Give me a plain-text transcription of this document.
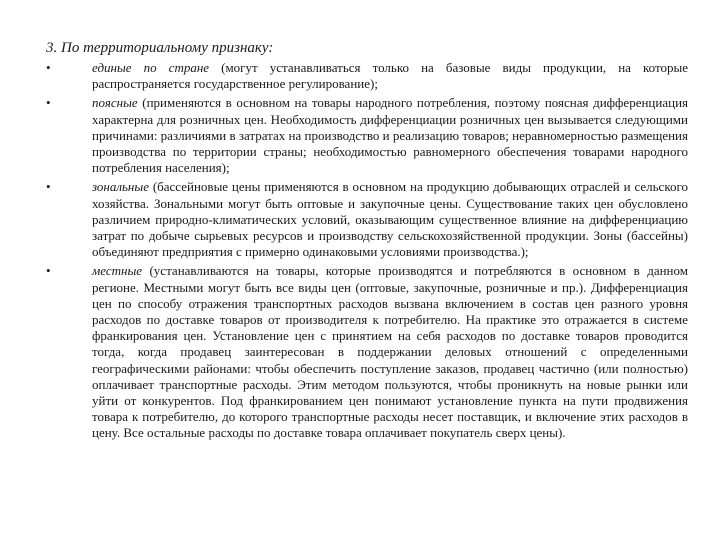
3. По территориальному признаку:

•	единые по стране (могут устанавливаться только на базовые виды продукции, на которые распространяется государственное регулирование);
•	поясные (применяются в основном на товары народного потребления, поэтому поясная дифференциация характерна для розничных цен. Необходимость дифференциации розничных цен вызывается следующими причинами: различиями в затратах на производство и реализацию товаров; неравномерностью размещения производства по территории страны; необходимостью равномерного обеспечения товарами народного потребления населения);
•	зональные (бассейновые цены применяются в основном на продукцию добывающих отраслей и сельского хозяйства. Зональными могут быть оптовые и закупочные цены. Существование таких цен обусловлено различием природно-климатических условий, оказывающим существенное влияние на дифференциацию затрат по добыче сырьевых ресурсов и производству сельскохозяйственной продукции. Зоны (бассейны) объединяют предприятия с примерно одинаковыми условиями производства.);
•	местные (устанавливаются на товары, которые производятся и потребляются в основном в данном регионе. Местными могут быть все виды цен (оптовые, закупочные, розничные и пр.). Дифференциация цен по способу отражения транспортных расходов вызвана включением в состав цен разного уровня расходов по доставке товаров от производителя к потребителю. На практике это отражается в системе франкирования цен. Установление цен с принятием на себя расходов по доставке товаров проводится тогда, когда продавец заинтересован в поддержании деловых отношений с определенными географическими районами: чтобы обеспечить поступление заказов, продавец частично (или полностью) оплачивает транспортные расходы. Этим методом пользуются, чтобы проникнуть на новые рынки или уйти от конкурентов. Под франкированием цен понимают установление пункта на пути продвижения товара к потребителю, до которого транспортные расходы несет поставщик, и включение этих расходов в цену. Все остальные расходы по доставке товара оплачивает покупатель сверх цены).
